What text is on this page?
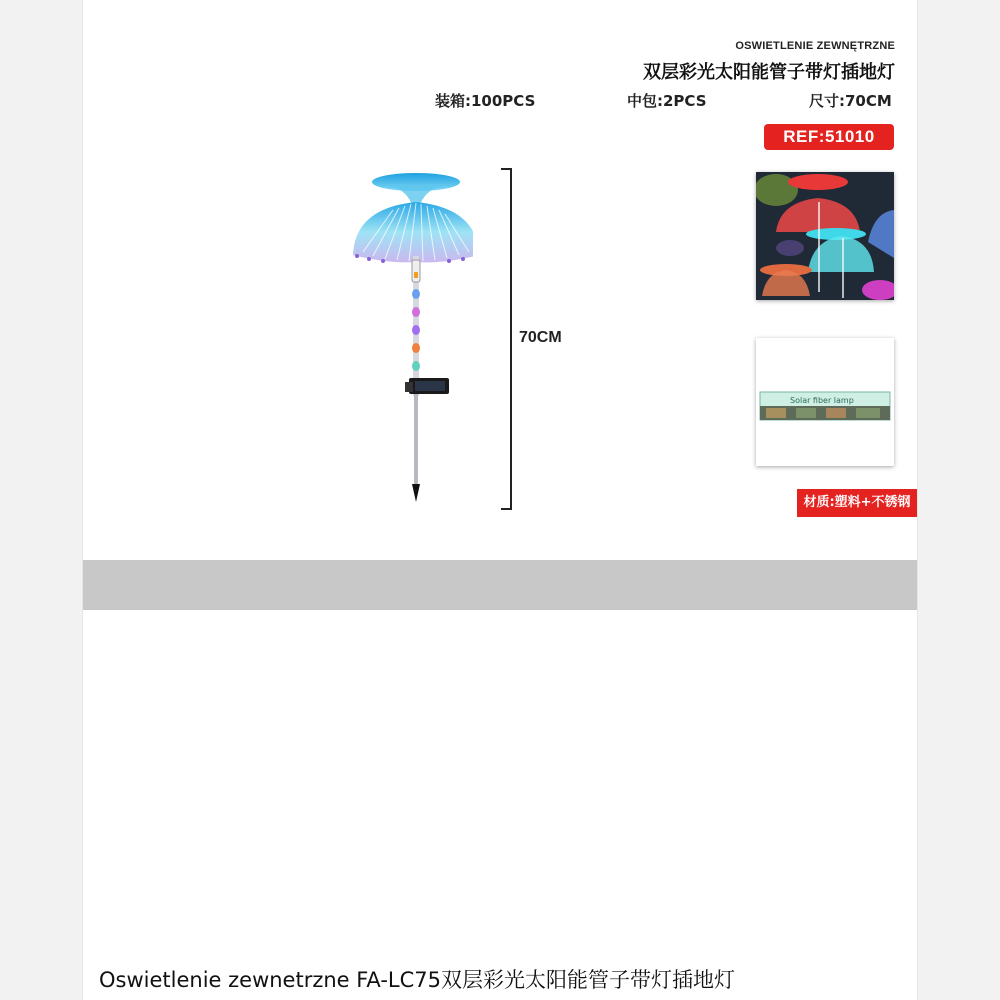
OSWIETLENIE ZEWNĘTRZNE
双层彩光太阳能管子带灯插地灯
装箱:100PCS	中包:2PCS	尺寸:70CM
REF:51010
70CM
Solar fiber lamp
材质:塑料+不锈钢
Oswietlenie zewnetrzne FA-LC75双层彩光太阳能管子带灯插地灯
